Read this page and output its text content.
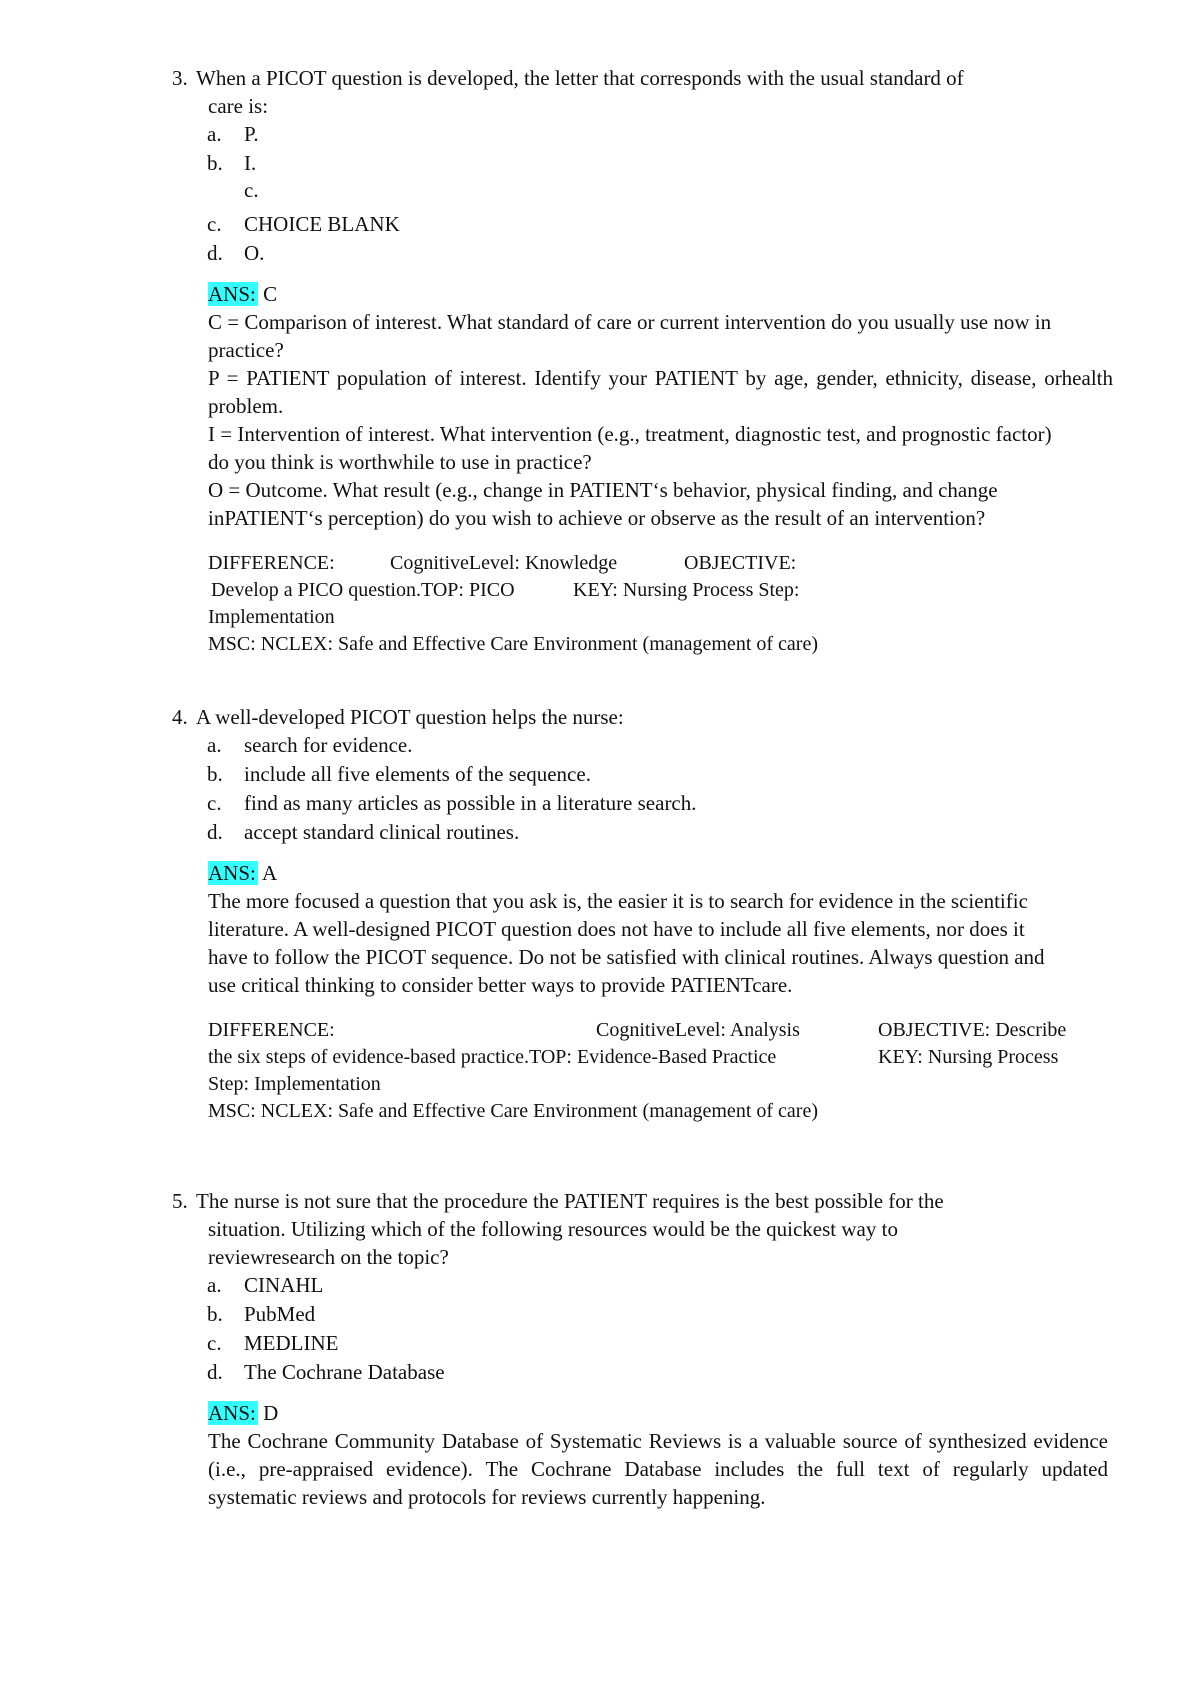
3. When a PICOT question is developed, the letter that corresponds with the usual standard of
care is:
a.	P.
b.	I.
c.
c.	CHOICE BLANK
d.	O.
ANS: C
C = Comparison of interest. What standard of care or current intervention do you usually use now in practice?
P = PATIENT population of interest. Identify your PATIENT by age, gender, ethnicity, disease, orhealth problem.
I = Intervention of interest. What intervention (e.g., treatment, diagnostic test, and prognostic factor) do you think is worthwhile to use in practice?
O = Outcome. What result (e.g., change in PATIENT‘s behavior, physical finding, and change inPATIENT‘s perception) do you wish to achieve or observe as the result of an intervention?
DIFFERENCE:	CognitiveLevel: Knowledge	OBJECTIVE:
Develop a PICO question.TOP: PICO	KEY: Nursing Process Step:
Implementation
MSC: NCLEX: Safe and Effective Care Environment (management of care)
4. A well-developed PICOT question helps the nurse:
a.	search for evidence.
b.	include all five elements of the sequence.
c.	find as many articles as possible in a literature search.
d.	accept standard clinical routines.
ANS: A
The more focused a question that you ask is, the easier it is to search for evidence in the scientific literature. A well-designed PICOT question does not have to include all five elements, nor does it have to follow the PICOT sequence. Do not be satisfied with clinical routines. Always question and use critical thinking to consider better ways to provide PATIENTcare.
DIFFERENCE:	CognitiveLevel: Analysis	OBJECTIVE: Describe
the six steps of evidence-based practice.TOP: Evidence-Based Practice	KEY: Nursing Process
Step: Implementation
MSC: NCLEX: Safe and Effective Care Environment (management of care)
5. The nurse is not sure that the procedure the PATIENT requires is the best possible for the
situation. Utilizing which of the following resources would be the quickest way to
reviewresearch on the topic?
a.	CINAHL
b.	PubMed
c.	MEDLINE
d.	The Cochrane Database
ANS: D
The Cochrane Community Database of Systematic Reviews is a valuable source of synthesized evidence (i.e., pre-appraised evidence). The Cochrane Database includes the full text of regularly updated systematic reviews and protocols for reviews currently happening.
